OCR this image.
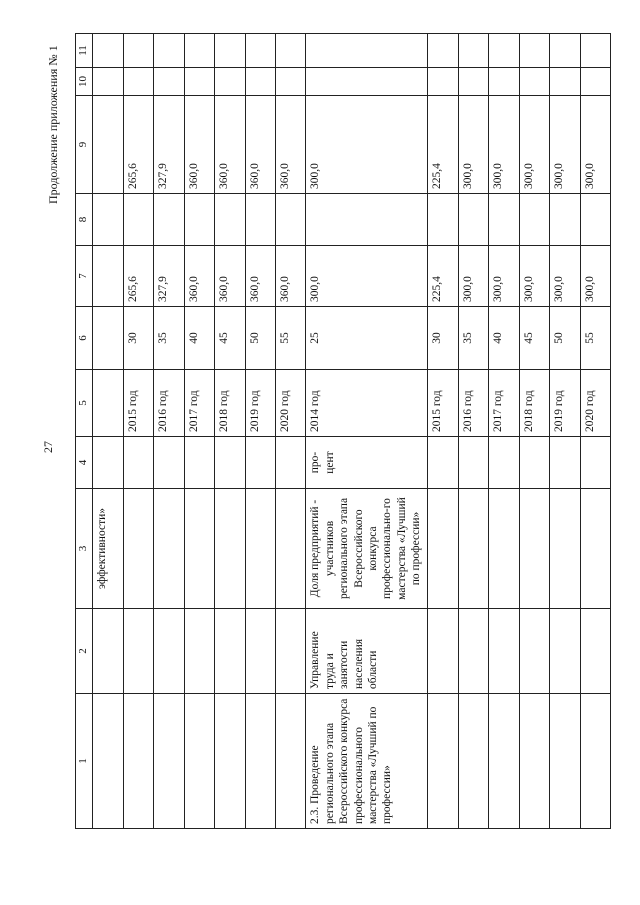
27
Продолжение приложения № 1
1	2	3	4	5	6	7	8	9	10	11
		эффективности»								
				2015 год	30	265,6		265,6		
				2016 год	35	327,9		327,9		
				2017 год	40	360,0		360,0		
				2018 год	45	360,0		360,0		
				2019 год	50	360,0		360,0		
				2020 год	55	360,0		360,0		
2.3. Проведение регионального этапа Всероссийского конкурса профессионального мастерства «Лучший по профессии»	Управление труда и занятости населения области	Доля предприятий - участников регионального этапа Всероссийского конкурса профессионально-го мастерства «Лучший по профессии»	про-цент	2014 год	25	300,0		300,0		
				2015 год	30	225,4		225,4		
				2016 год	35	300,0		300,0		
				2017 год	40	300,0		300,0		
				2018 год	45	300,0		300,0		
				2019 год	50	300,0		300,0		
				2020 год	55	300,0		300,0		
